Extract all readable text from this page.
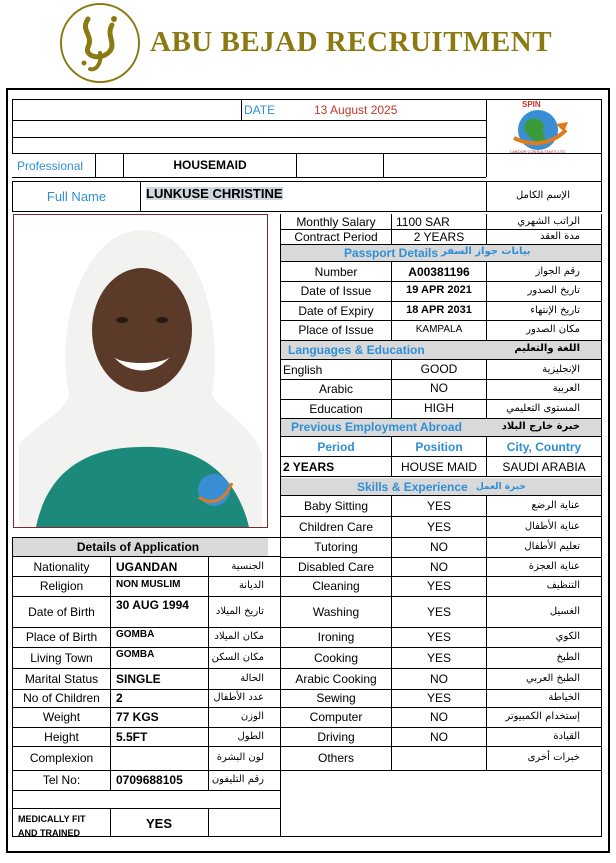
ABU BEJAD RECRUITMENT
DATE	13 August 2025	SPIN
LABOUR CONSULTANTS LTD
Professional	HOUSEMAID
Full Name	LUNKUSE CHRISTINE	الإسم الكامل
Monthly Salary	1100 SAR	الراتب الشهري
Contract Period	2 YEARS	مدة العقد
Passport Details بيانات جواز السفر
Languages & Education	اللغة والتعليم
Previous Employment Abroad	خبرة خارج البلاد
Period	Position	City, Country
2 YEARS	HOUSE MAID	SAUDI ARABIA
Skills & Experience خبرة العمل
Details of Application
MEDICALLY FIT
AND TRAINED
YES
Number	A00381196	رقم الجواز
Date of Issue	19 APR 2021	تاريخ الصدور
Date of Expiry	18 APR 2031	تاريخ الإنتهاء
Place of Issue	KAMPALA	مكان الصدور
English	GOOD	الإنجليزية
Arabic	NO	العربية
Education	HIGH	المستوى التعليمي
Baby Sitting	YES	عناية الرضع
Children Care	YES	عناية الأطفال
Tutoring	NO	تعليم الأطفال
Disabled Care	NO	عناية العجزة
Cleaning	YES	التنظيف
Washing	YES	الغسيل
Ironing	YES	الكوي
Cooking	YES	الطبخ
Arabic Cooking	NO	الطبخ العربي
Sewing	YES	الخياطة
Computer	NO	إستخدام الكمبيوتر
Driving	NO	القيادة
Others	خبرات أخرى
Nationality	UGANDAN	الجنسية
Religion	NON MUSLIM	الديانة
Date of Birth	30 AUG 1994	تاريخ الميلاد
Place of Birth	GOMBA	مكان الميلاد
Living Town	GOMBA	مكان السكن
Marital Status	SINGLE	الحالة
No of Children	2	عدد الأطفال
Weight	77 KGS	الوزن
Height	5.5FT	الطول
Complexion	لون البشرة
Tel No:	0709688105	رقم التليفون
